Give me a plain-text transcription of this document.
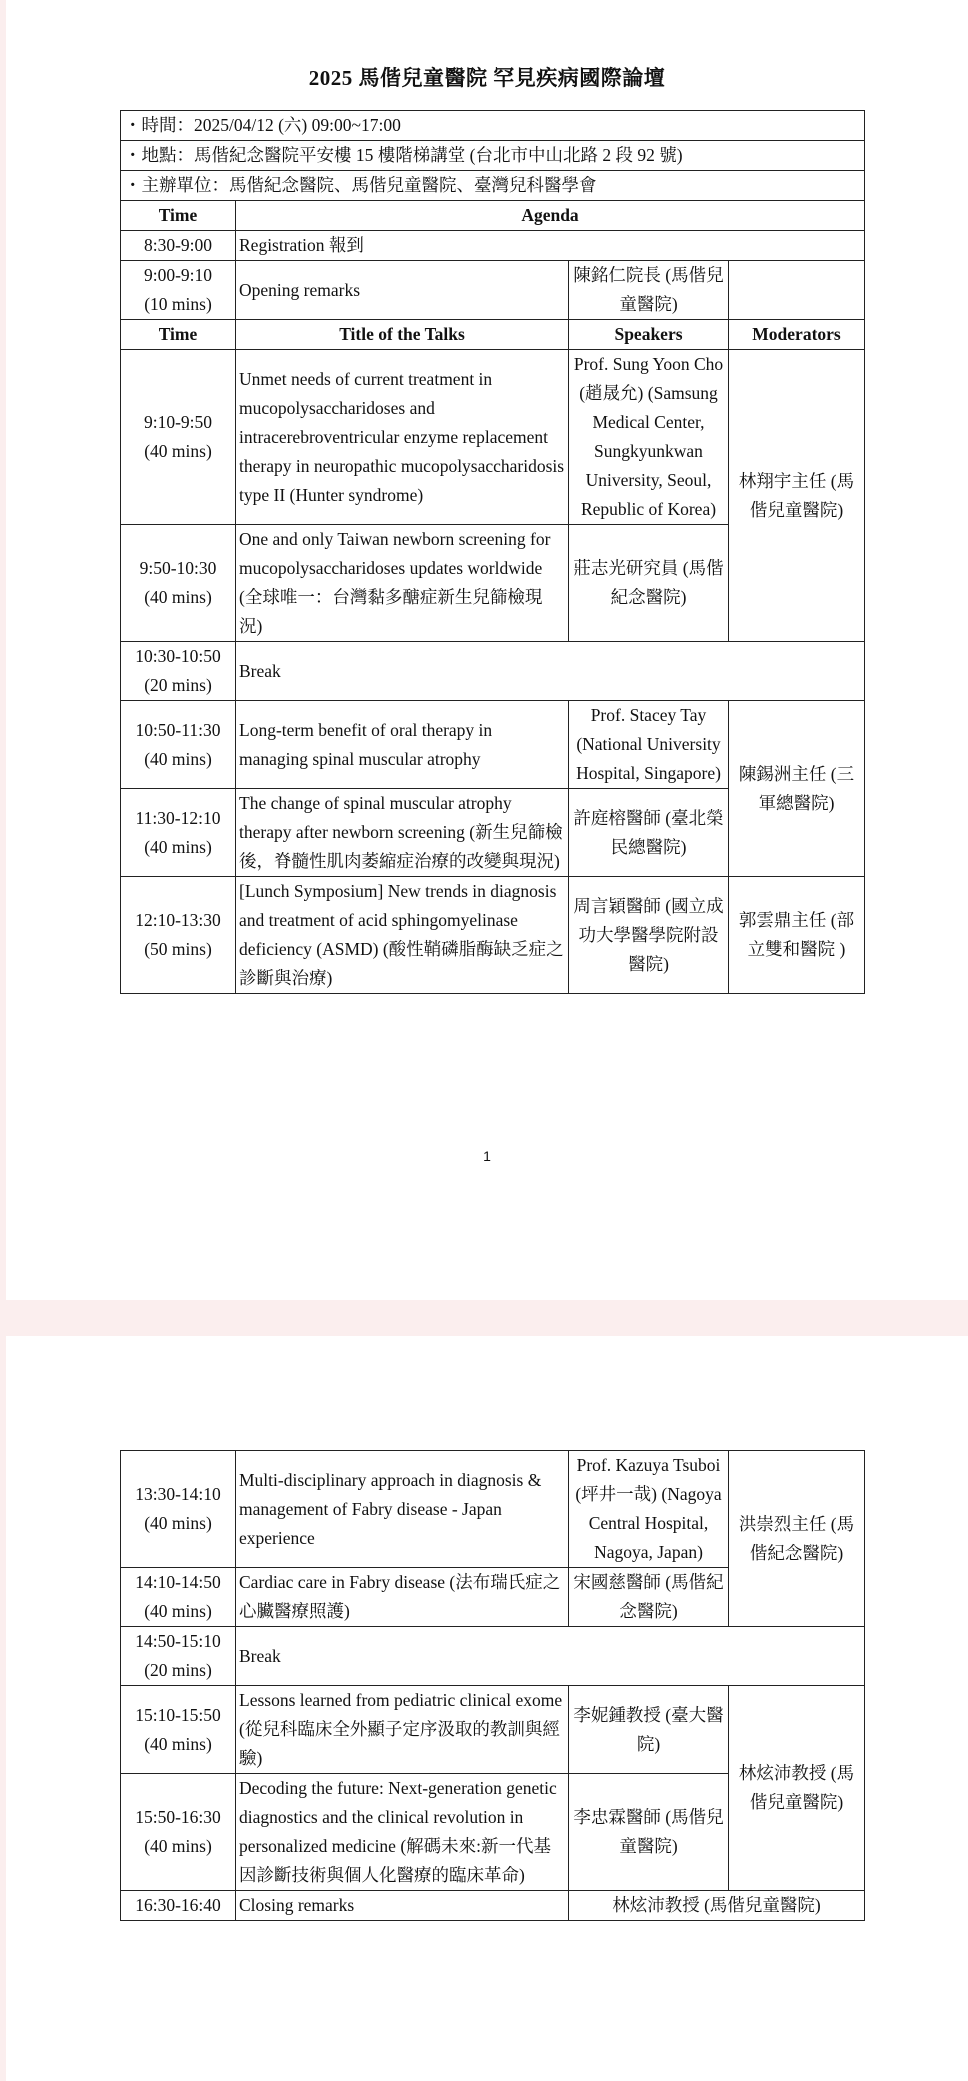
2025 馬偕兒童醫院 罕見疾病國際論壇
・時間：2025/04/12 (六) 09:00~17:00			
・地點：馬偕紀念醫院平安樓 15 樓階梯講堂 (台北市中山北路 2 段 92 號)			
・主辦單位：馬偕紀念醫院、馬偕兒童醫院、臺灣兒科醫學會			
Time	Agenda		
8:30-9:00	Registration 報到		

9:00-9:10
(10 mins)	Opening remarks	陳銘仁院長 (馬偕兒童醫院)	
Time	Title of the Talks	Speakers	Moderators

9:10-9:50
(40 mins)	Unmet needs of current treatment in mucopolysaccharidoses and intracerebroventricular enzyme replacement therapy in neuropathic mucopolysaccharidosis type II (Hunter syndrome)	Prof. Sung Yoon Cho (趙晟允) (Samsung Medical Center, Sungkyunkwan University, Seoul, Republic of Korea)	林翔宇主任 (馬偕兒童醫院)

9:50-10:30
(40 mins)	One and only Taiwan newborn screening for mucopolysaccharidoses updates worldwide (全球唯一：台灣黏多醣症新生兒篩檢現況)	莊志光研究員 (馬偕紀念醫院)	

10:30-10:50
(20 mins)	Break		

10:50-11:30
(40 mins)	Long-term benefit of oral therapy in managing spinal muscular atrophy	Prof. Stacey Tay (National University Hospital, Singapore)	陳錫洲主任 (三軍總醫院)

11:30-12:10
(40 mins)	The change of spinal muscular atrophy therapy after newborn screening (新生兒篩檢後，脊髓性肌肉萎縮症治療的改變與現況)	許庭榕醫師 (臺北榮民總醫院)	

12:10-13:30
(50 mins)	[Lunch Symposium] New trends in diagnosis and treatment of acid sphingomyelinase deficiency (ASMD) (酸性鞘磷脂酶缺乏症之診斷與治療)	周言穎醫師 (國立成功大學醫學院附設醫院)	郭雲鼎主任 (部立雙和醫院 )
1
13:30-14:10
(40 mins)	Multi-disciplinary approach in diagnosis & management of Fabry disease - Japan experience	Prof. Kazuya Tsuboi (坪井一哉) (Nagoya Central Hospital, Nagoya, Japan)	洪崇烈主任 (馬偕紀念醫院)

14:10-14:50
(40 mins)	Cardiac care in Fabry disease (法布瑞氏症之心臟醫療照護)	宋國慈醫師 (馬偕紀念醫院)	

14:50-15:10
(20 mins)	Break		

15:10-15:50
(40 mins)	Lessons learned from pediatric clinical exome (從兒科臨床全外顯子定序汲取的教訓與經驗)	李妮鍾教授 (臺大醫院)	林炫沛教授 (馬偕兒童醫院)

15:50-16:30
(40 mins)	Decoding the future: Next-generation genetic diagnostics and the clinical revolution in personalized medicine (解碼未來:新一代基因診斷技術與個人化醫療的臨床革命)	李忠霖醫師 (馬偕兒童醫院)	
16:30-16:40	Closing remarks	林炫沛教授 (馬偕兒童醫院)	
